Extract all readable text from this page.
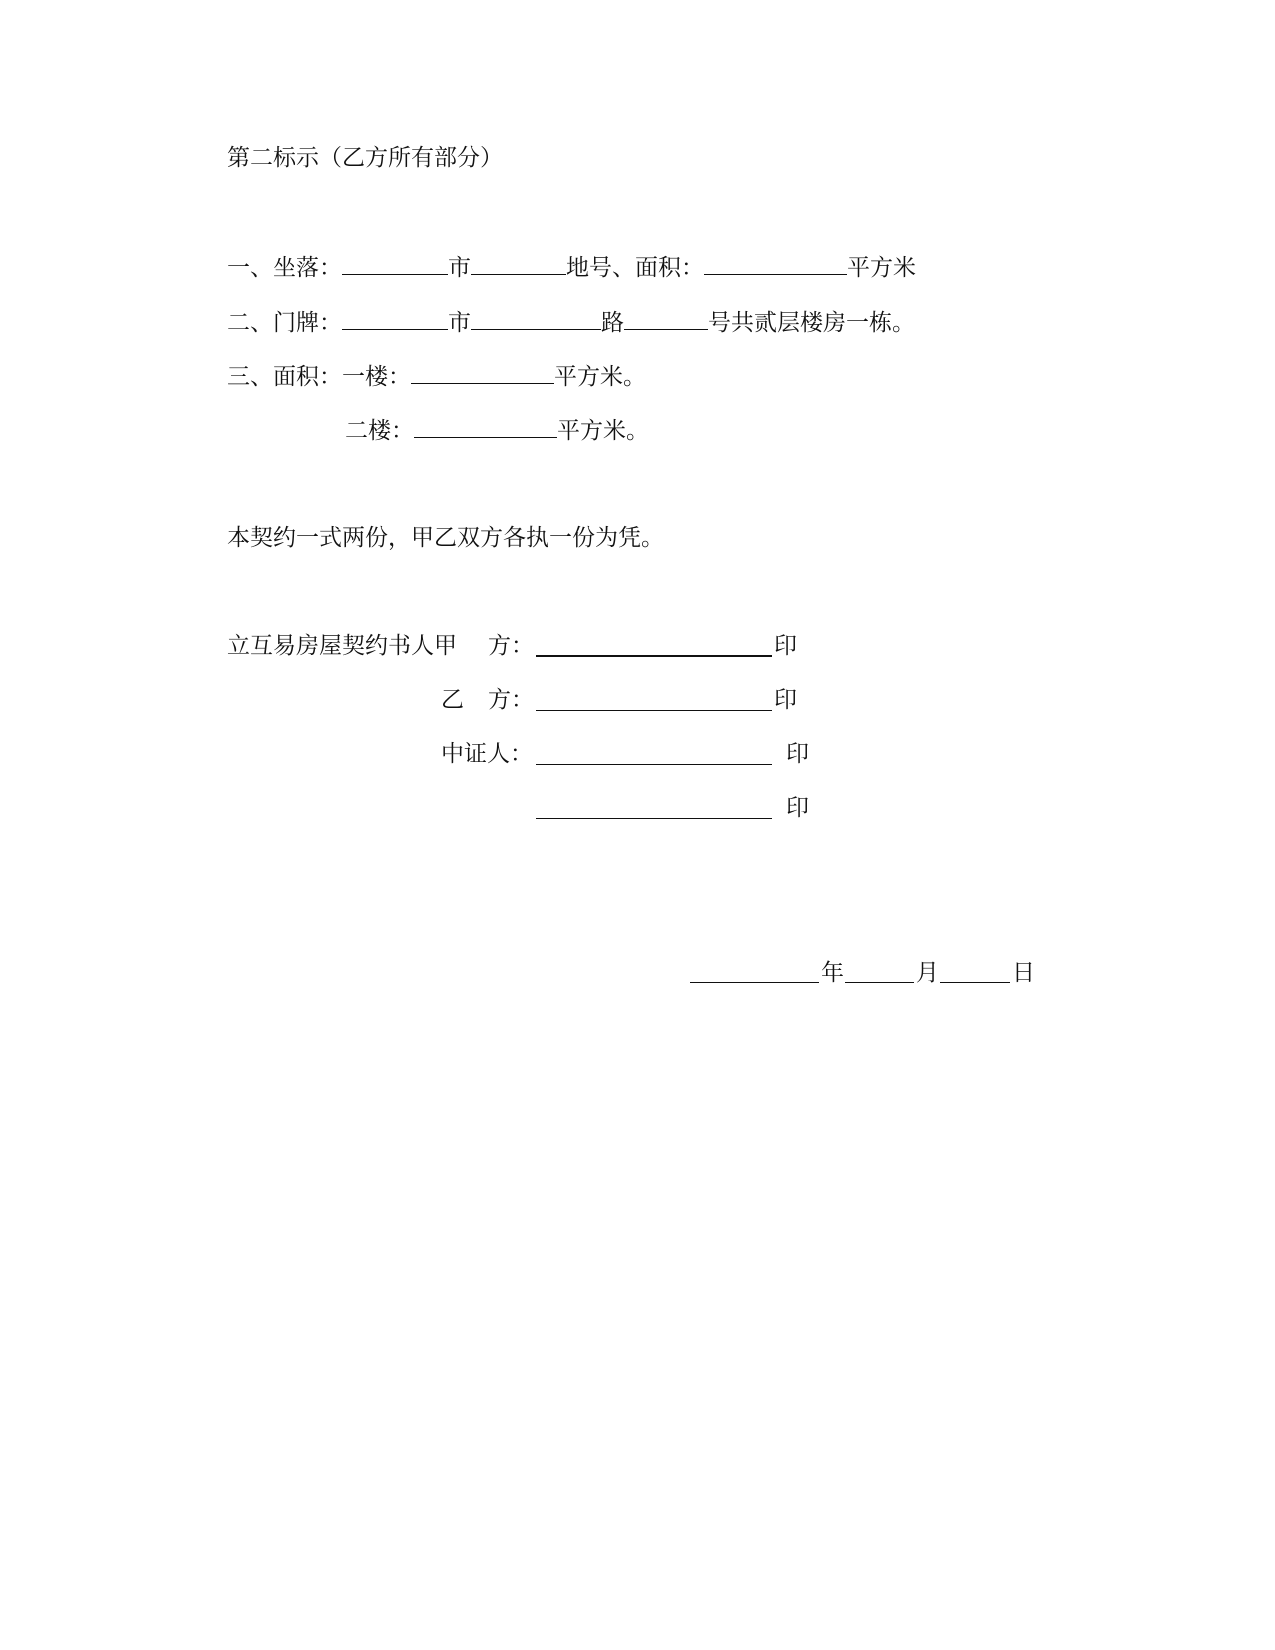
第二标示（乙方所有部分）
一、坐落：	市	地号、面积：	平方米
二、门牌：	市	路	号共贰层楼房一栋。
三、面积：一楼：	平方米。
二楼：	平方米。
本契约一式两份，甲乙双方各执一份为凭。
立互易房屋契约书人甲 方：	印
乙 方：	印
中证人：	印
印
年	月	日
